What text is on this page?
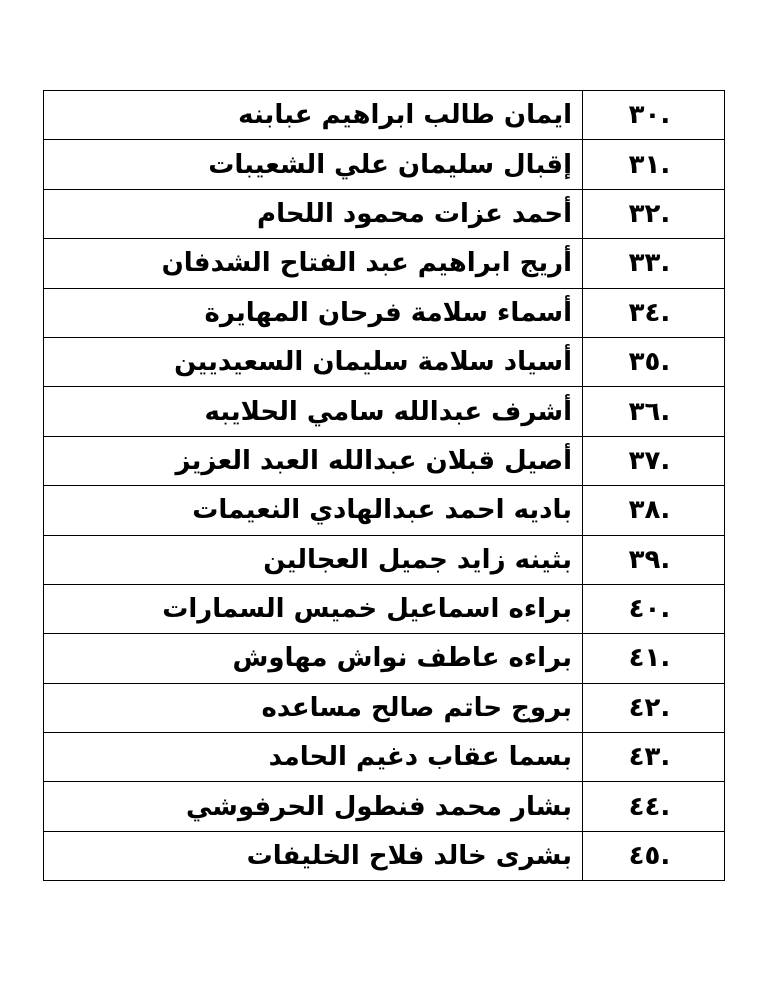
.٣٠	ايمان طالب ابراهيم عبابنه
.٣١	إقبال سليمان علي الشعيبات
.٣٢	أحمد عزات محمود اللحام
.٣٣	أريج ابراهيم عبد الفتاح الشدفان
.٣٤	أسماء سلامة فرحان المهايرة
.٣٥	أسياد سلامة سليمان السعيديين
.٣٦	أشرف عبدالله سامي الحلايبه
.٣٧	أصيل قبلان عبدالله العبد العزيز
.٣٨	باديه احمد عبدالهادي النعيمات
.٣٩	بثينه زايد جميل العجالين
.٤٠	براءه اسماعيل خميس السمارات
.٤١	براءه عاطف نواش مهاوش
.٤٢	بروج حاتم صالح مساعده
.٤٣	بسما عقاب دغيم الحامد
.٤٤	بشار محمد فنطول الحرفوشي
.٤٥	بشرى خالد فلاح الخليفات
